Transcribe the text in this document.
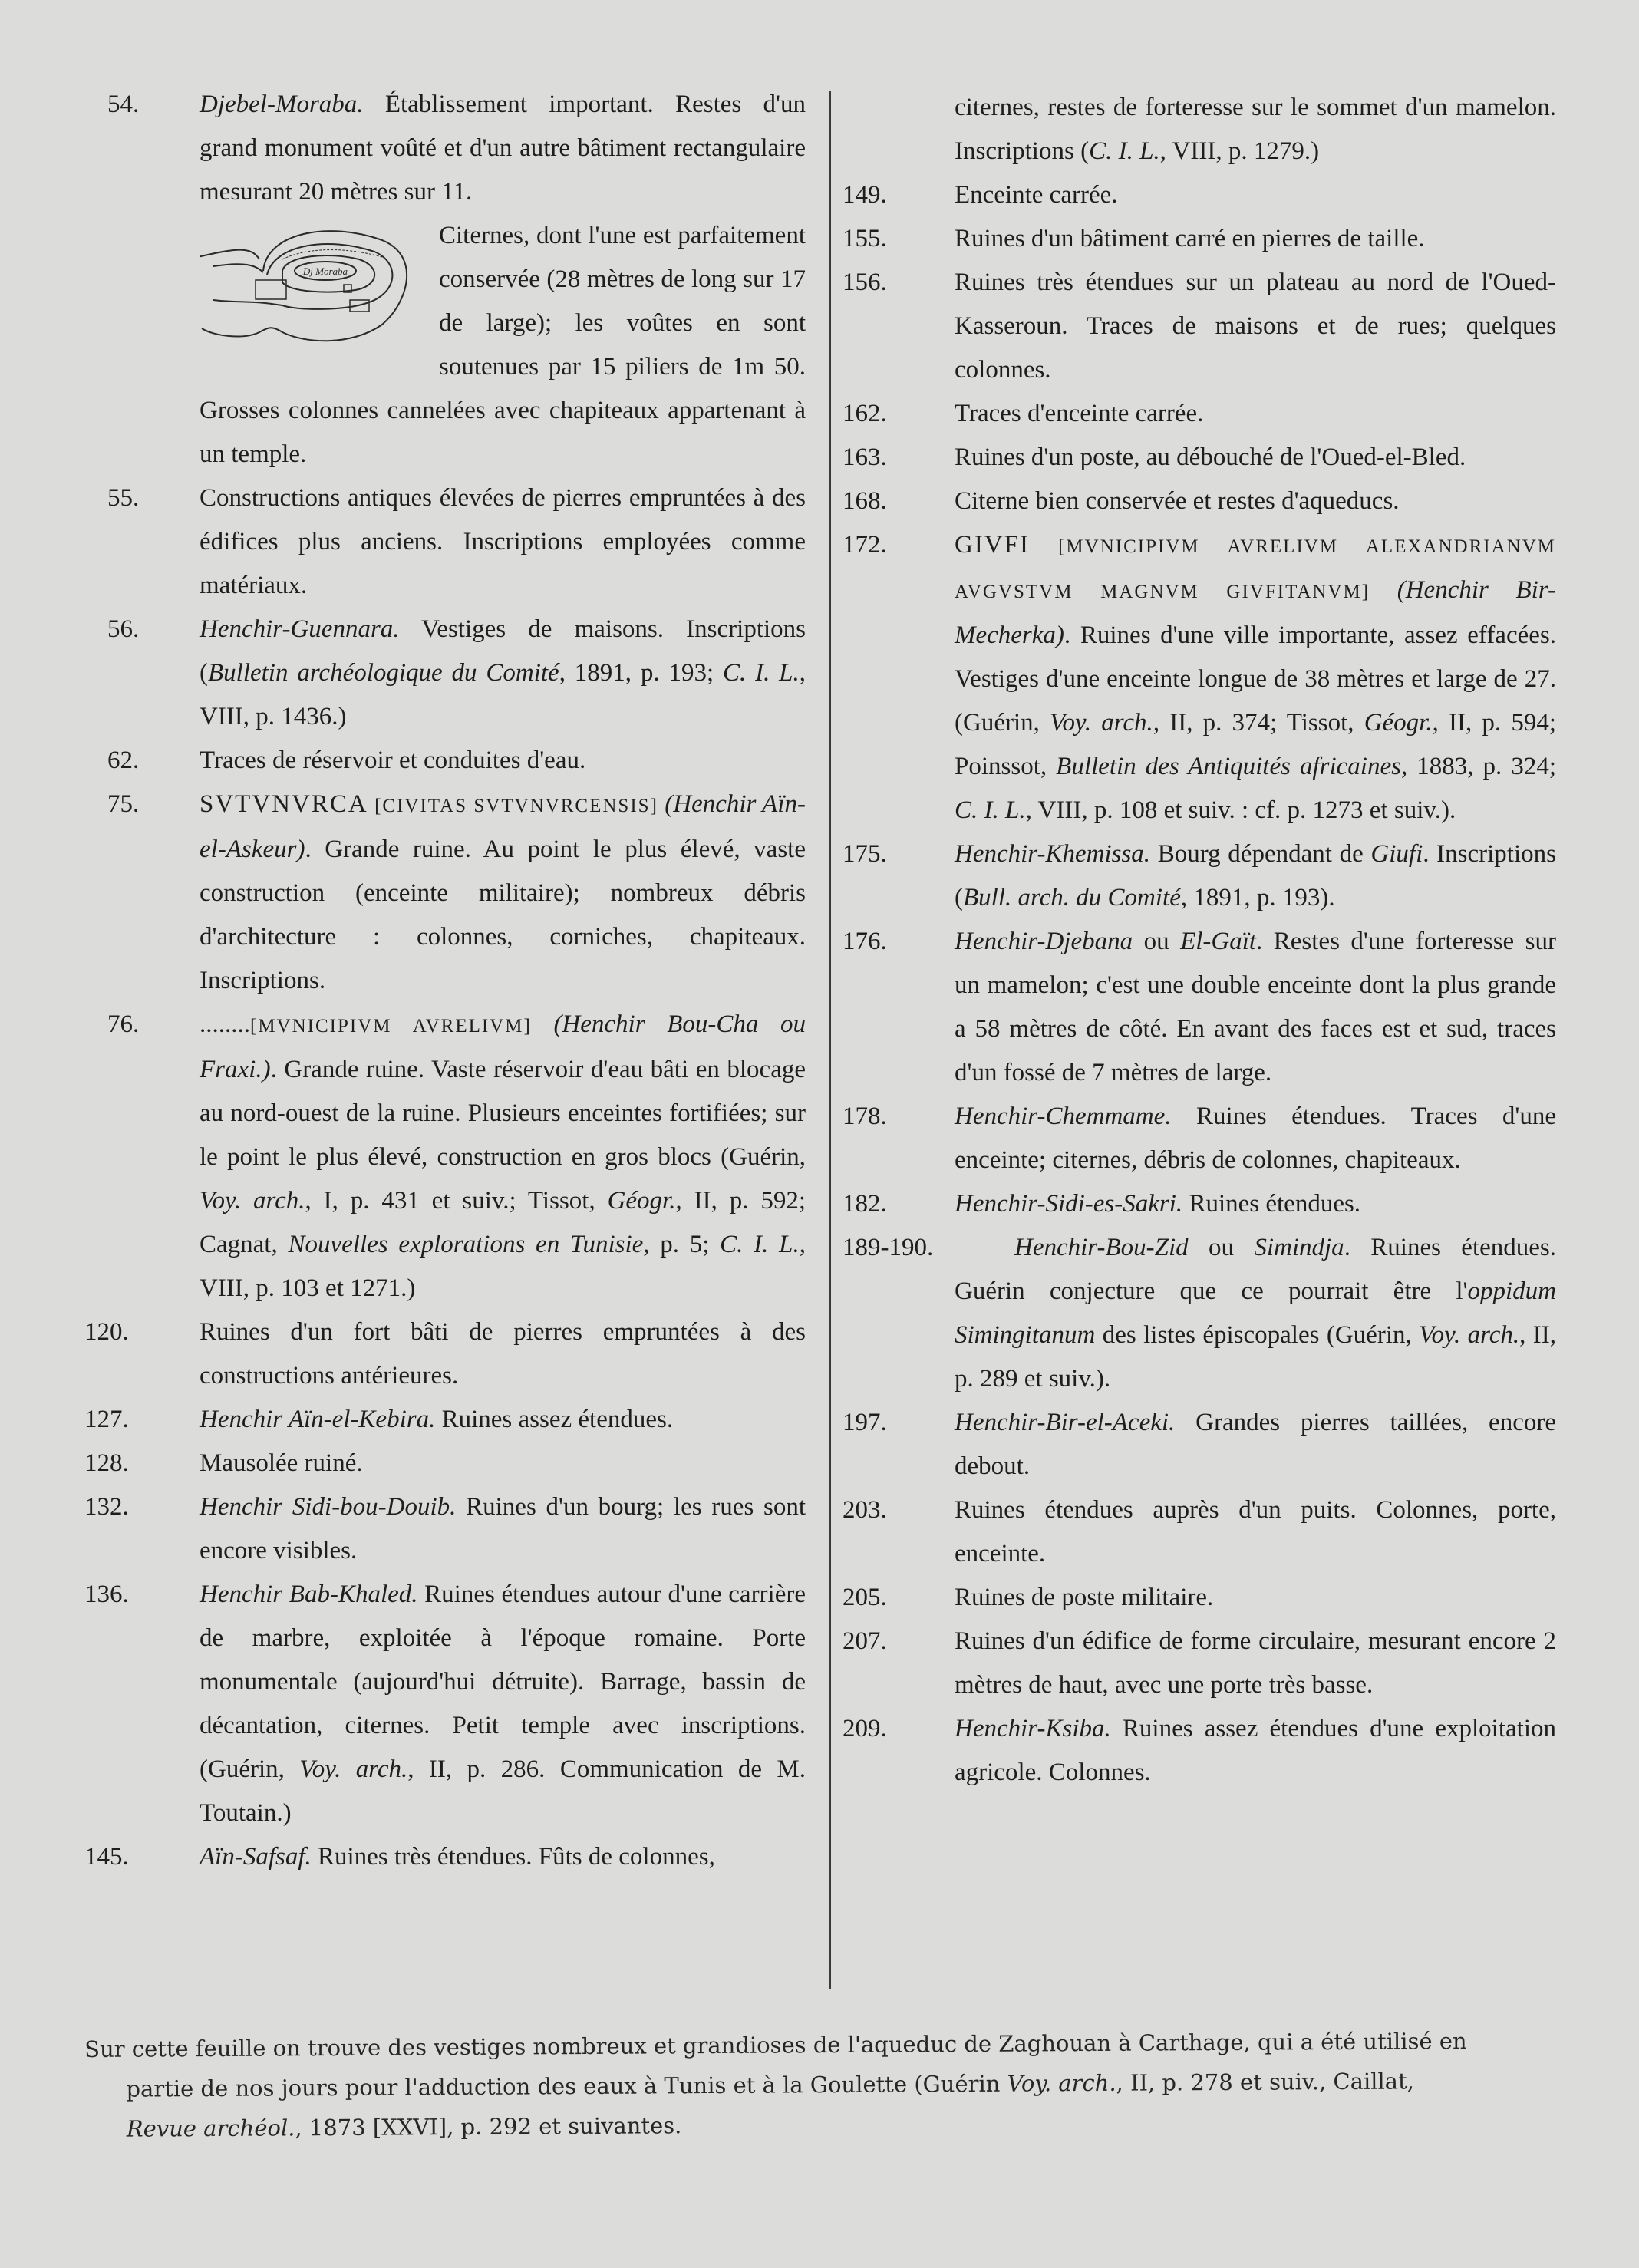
54. Djebel-Moraba. Établissement important. Restes d'un grand monument voûté et d'un autre bâtiment rectangulaire mesurant 20 mètres sur 11.

Dj Moraba
Citernes, dont l'une est parfaitement conservée (28 mètres de long sur 17 de large); les voûtes en sont soutenues par 15 piliers de 1m 50. Grosses colonnes cannelées avec chapiteaux appartenant à un temple.
55. Constructions antiques élevées de pierres empruntées à des édifices plus anciens. Inscriptions employées comme matériaux.

56. Henchir-Guennara. Vestiges de maisons. Inscriptions (Bulletin archéologique du Comité, 1891, p. 193; C. I. L., VIII, p. 1436.)

62. Traces de réservoir et conduites d'eau.

75. SVTVNVRCA [CIVITAS SVTVNVRCENSIS] (Henchir Aïn-el-Askeur). Grande ruine. Au point le plus élevé, vaste construction (enceinte militaire); nombreux débris d'architecture : colonnes, corniches, chapiteaux. Inscriptions.

76. ........[MVNICIPIVM AVRELIVM] (Henchir Bou-Cha ou Fraxi.). Grande ruine. Vaste réservoir d'eau bâti en blocage au nord-ouest de la ruine. Plusieurs enceintes fortifiées; sur le point le plus élevé, construction en gros blocs (Guérin, Voy. arch., I, p. 431 et suiv.; Tissot, Géogr., II, p. 592; Cagnat, Nouvelles explorations en Tunisie, p. 5; C. I. L., VIII, p. 103 et 1271.)

120.	Ruines d'un fort bâti de pierres empruntées à des constructions antérieures.

127.	Henchir Aïn-el-Kebira. Ruines assez étendues.

128.	Mausolée ruiné.

132.	Henchir Sidi-bou-Douib. Ruines d'un bourg; les rues sont encore visibles.

136.	Henchir Bab-Khaled. Ruines étendues autour d'une carrière de marbre, exploitée à l'époque romaine. Porte monumentale (aujourd'hui détruite). Barrage, bassin de décantation, citernes. Petit temple avec inscriptions. (Guérin, Voy. arch., II, p. 286. Communication de M. Toutain.)

145.	Aïn-Safsaf. Ruines très étendues. Fûts de colonnes,

citernes, restes de forteresse sur le sommet d'un mamelon. Inscriptions (C. I. L., VIII, p. 1279.)
149.	Enceinte carrée.

155.	Ruines d'un bâtiment carré en pierres de taille.

156.	Ruines très étendues sur un plateau au nord de l'Oued-Kasseroun. Traces de maisons et de rues; quelques colonnes.

162.	Traces d'enceinte carrée.

163.	Ruines d'un poste, au débouché de l'Oued-el-Bled.

168.	Citerne bien conservée et restes d'aqueducs.

172.	GIVFI [MVNICIPIVM AVRELIVM ALEXANDRIANVM AVGVSTVM MAGNVM GIVFITANVM] (Henchir Bir-Mecherka). Ruines d'une ville importante, assez effacées. Vestiges d'une enceinte longue de 38 mètres et large de 27. (Guérin, Voy. arch., II, p. 374; Tissot, Géogr., II, p. 594; Poinssot, Bulletin des Antiquités africaines, 1883, p. 324; C. I. L., VIII, p. 108 et suiv. : cf. p. 1273 et suiv.).

175.	Henchir-Khemissa. Bourg dépendant de Giufi. Inscriptions (Bull. arch. du Comité, 1891, p. 193).

176.	Henchir-Djebana ou El-Gaït. Restes d'une forteresse sur un mamelon; c'est une double enceinte dont la plus grande a 58 mètres de côté. En avant des faces est et sud, traces d'un fossé de 7 mètres de large.

178.	Henchir-Chemmame. Ruines étendues. Traces d'une enceinte; citernes, débris de colonnes, chapiteaux.

182.	Henchir-Sidi-es-Sakri. Ruines étendues.

189-190.	Henchir-Bou-Zid ou Simindja. Ruines étendues. Guérin conjecture que ce pourrait être l'oppidum Simingitanum des listes épiscopales (Guérin, Voy. arch., II, p. 289 et suiv.).

197.	Henchir-Bir-el-Aceki. Grandes pierres taillées, encore debout.

203.	Ruines étendues auprès d'un puits. Colonnes, porte, enceinte.

205.	Ruines de poste militaire.

207.	Ruines d'un édifice de forme circulaire, mesurant encore 2 mètres de haut, avec une porte très basse.

209.	Henchir-Ksiba. Ruines assez étendues d'une exploitation agricole. Colonnes.

Sur cette feuille on trouve des vestiges nombreux et grandioses de l'aqueduc de Zaghouan à Carthage, qui a été utilisé en
partie de nos jours pour l'adduction des eaux à Tunis et à la Goulette (Guérin Voy. arch., II, p. 278 et suiv., Caillat,
Revue archéol., 1873 [XXVI], p. 292 et suivantes.
